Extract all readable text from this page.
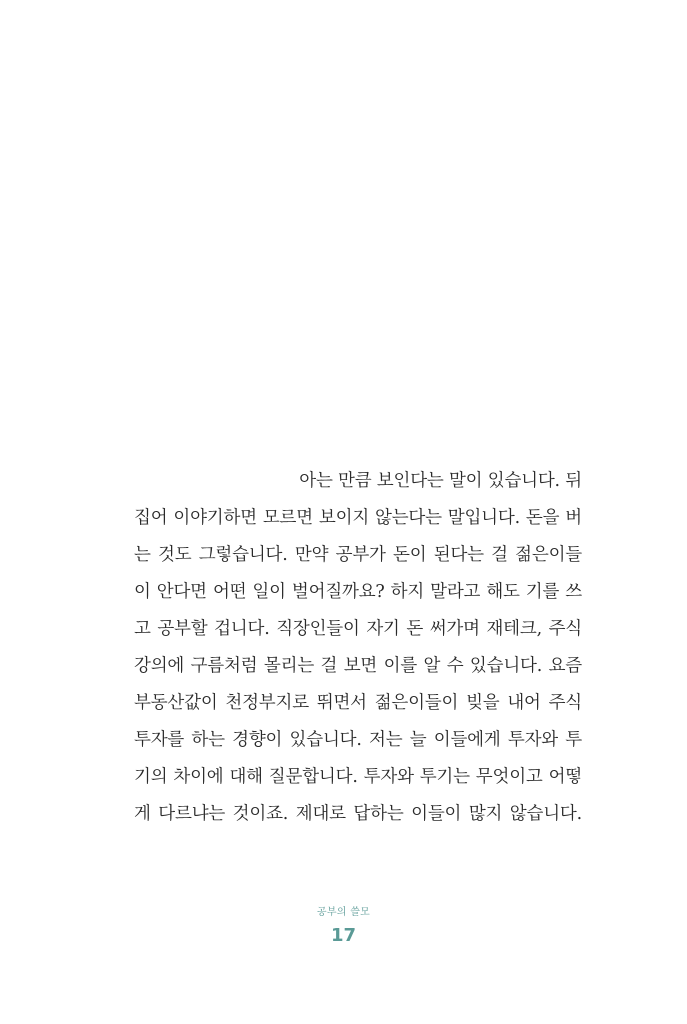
아는 만큼 보인다는 말이 있습니다. 뒤
집어 이야기하면 모르면 보이지 않는다는 말입니다. 돈을 버
는 것도 그렇습니다. 만약 공부가 돈이 된다는 걸 젊은이들
이 안다면 어떤 일이 벌어질까요? 하지 말라고 해도 기를 쓰
고 공부할 겁니다. 직장인들이 자기 돈 써가며 재테크, 주식
강의에 구름처럼 몰리는 걸 보면 이를 알 수 있습니다. 요즘
부동산값이 천정부지로 뛰면서 젊은이들이 빚을 내어 주식
투자를 하는 경향이 있습니다. 저는 늘 이들에게 투자와 투
기의 차이에 대해 질문합니다. 투자와 투기는 무엇이고 어떻
게 다르냐는 것이죠. 제대로 답하는 이들이 많지 않습니다.
공부의 쓸모
17
